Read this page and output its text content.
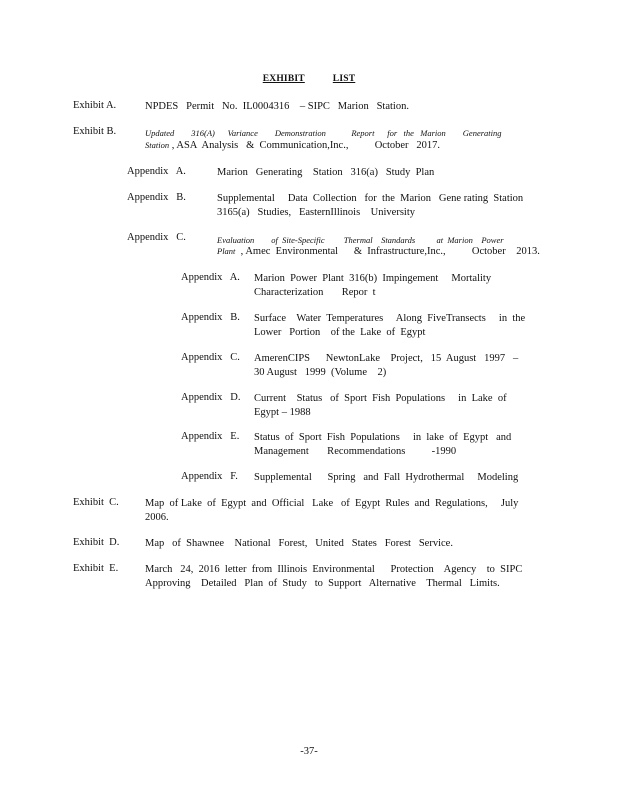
EXHIBIT	LIST
Exhibit A.	NPDES   Permit   No.  IL0004316    – SIPC   Marion   Station.
Exhibit B.	Updated        316(A)      Variance        Demonstration            Report      for   the   Marion        Generating
Station , ASA  Analysis   &  Communication,Inc.,          October   2017.
Appendix   A.	Marion   Generating    Station   316(a)   Study  Plan
Appendix   B.	Supplemental     Data  Collection   for  the  Marion   Gene rating  Station 3165(a)   Studies,   EasternIllinois    University
Appendix   C.	Evaluation        of  Site-Specific         Thermal    Standards          at  Marion    Power
Plant  , Amec  Environmental      &  Infrastructure,Inc.,          October    2013.
Appendix   A. Marion  Power  Plant  316(b)  Impingement     Mortality Characterization       Repor  t
Appendix   B. Surface    Water  Temperatures     Along  FiveTransects     in  the Lower   Portion    of the  Lake  of  Egypt
Appendix   C. AmerenCIPS      NewtonLake    Project,   15  August   1997   – 30 August   1999  (Volume    2)
Appendix   D. Current    Status   of  Sport  Fish  Populations     in  Lake  of  Egypt – 1988
Appendix   E. Status  of  Sport  Fish  Populations     in  lake  of  Egypt   and Management       Recommendations          -1990
Appendix   F. Supplemental      Spring   and  Fall  Hydrothermal     Modeling
Exhibit  C. Map  of Lake  of  Egypt  and  Official   Lake   of  Egypt  Rules  and  Regulations,     July 2006.
Exhibit  D. Map   of  Shawnee    National   Forest,   United   States   Forest   Service.
Exhibit  E.	March   24,  2016  letter  from  Illinois  Environmental      Protection    Agency    to  SIPC Approving    Detailed   Plan  of  Study   to  Support   Alternative    Thermal   Limits.
-37-
